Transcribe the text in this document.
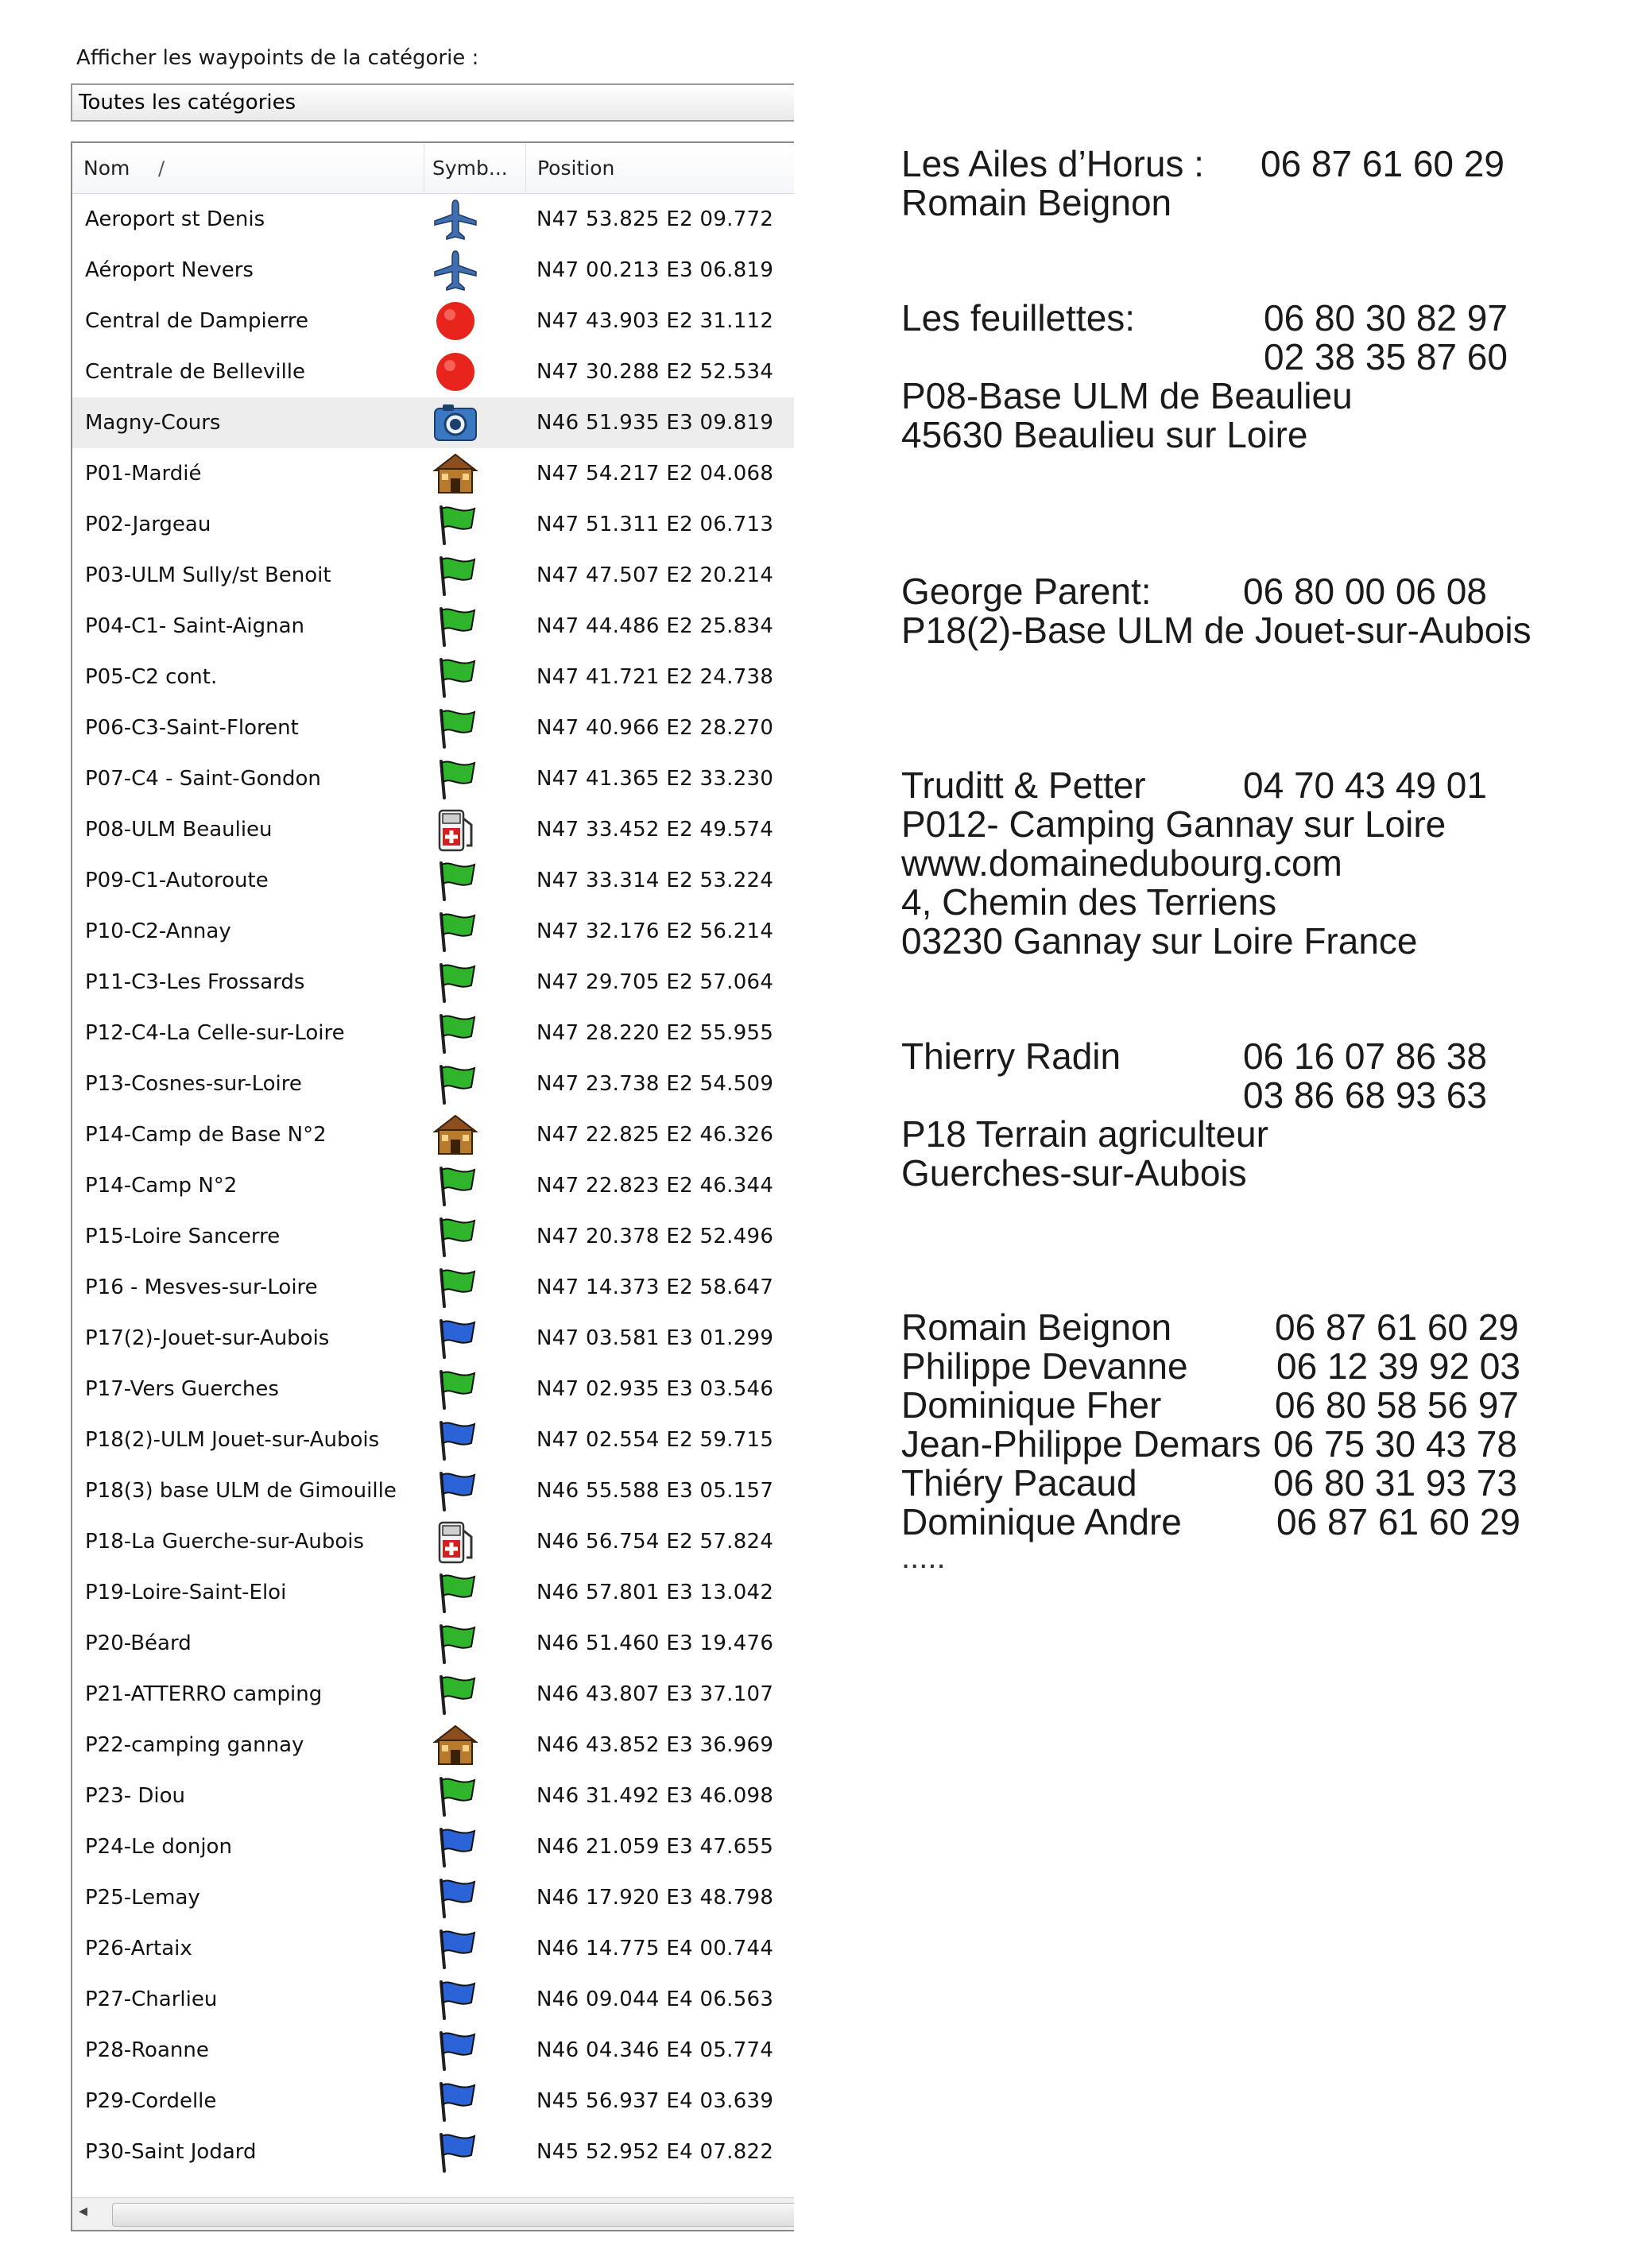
Afficher les waypoints de la catégorie :
Toutes les catégories
Nom /	Symb...	Position
Aeroport st Denis	N47 53.825 E2 09.772
Aéroport Nevers	N47 00.213 E3 06.819
Central de Dampierre	N47 43.903 E2 31.112
Centrale de Belleville	N47 30.288 E2 52.534
Magny-Cours	N46 51.935 E3 09.819
P01-Mardié	N47 54.217 E2 04.068
P02-Jargeau	N47 51.311 E2 06.713
P03-ULM Sully/st Benoit	N47 47.507 E2 20.214
P04-C1- Saint-Aignan	N47 44.486 E2 25.834
P05-C2 cont.	N47 41.721 E2 24.738
P06-C3-Saint-Florent	N47 40.966 E2 28.270
P07-C4 - Saint-Gondon	N47 41.365 E2 33.230
P08-ULM Beaulieu	N47 33.452 E2 49.574
P09-C1-Autoroute	N47 33.314 E2 53.224
P10-C2-Annay	N47 32.176 E2 56.214
P11-C3-Les Frossards	N47 29.705 E2 57.064
P12-C4-La Celle-sur-Loire	N47 28.220 E2 55.955
P13-Cosnes-sur-Loire	N47 23.738 E2 54.509
P14-Camp de Base N°2	N47 22.825 E2 46.326
P14-Camp N°2	N47 22.823 E2 46.344
P15-Loire Sancerre	N47 20.378 E2 52.496
P16 - Mesves-sur-Loire	N47 14.373 E2 58.647
P17(2)-Jouet-sur-Aubois	N47 03.581 E3 01.299
P17-Vers Guerches	N47 02.935 E3 03.546
P18(2)-ULM Jouet-sur-Aubois	N47 02.554 E2 59.715
P18(3) base ULM de Gimouille	N46 55.588 E3 05.157
P18-La Guerche-sur-Aubois	N46 56.754 E2 57.824
P19-Loire-Saint-Eloi	N46 57.801 E3 13.042
P20-Béard	N46 51.460 E3 19.476
P21-ATTERRO camping	N46 43.807 E3 37.107
P22-camping gannay	N46 43.852 E3 36.969
P23- Diou	N46 31.492 E3 46.098
P24-Le donjon	N46 21.059 E3 47.655
P25-Lemay	N46 17.920 E3 48.798
P26-Artaix	N46 14.775 E4 00.744
P27-Charlieu	N46 09.044 E4 06.563
P28-Roanne	N46 04.346 E4 05.774
P29-Cordelle	N45 56.937 E4 03.639
P30-Saint Jodard	N45 52.952 E4 07.822
◂
Les Ailes d’Horus : 06 87 61 60 29
Romain Beignon
Les feuillettes:	06 80 30 82 97
02 38 35 87 60
P08-Base ULM de Beaulieu
45630 Beaulieu sur Loire
George Parent:	06 80 00 06 08
P18(2)-Base ULM de Jouet-sur-Aubois
Truditt & Petter	04 70 43 49 01
P012- Camping Gannay sur Loire
www.domainedubourg.com
4, Chemin des Terriens
03230 Gannay sur Loire France
Thierry Radin	06 16 07 86 38
03 86 68 93 63
P18 Terrain agriculteur
Guerches-sur-Aubois
Romain Beignon	06 87 61 60 29
Philippe Devanne 06 12 39 92 03
Dominique Fher	06 80 58 56 97
Jean-Philippe Demars 06 75 30 43 78
Thiéry Pacaud	06 80 31 93 73
Dominique Andre	06 87 61 60 29
.....
